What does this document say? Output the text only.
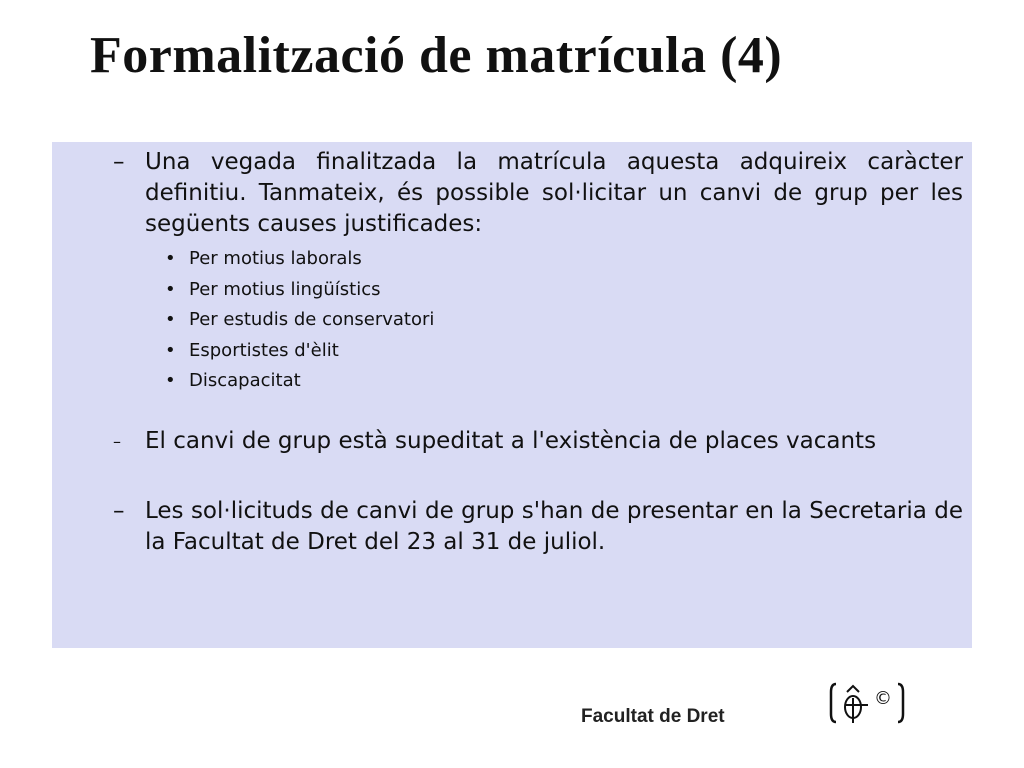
Formalització de matrícula (4)
– Una vegada finalitzada la matrícula aquesta adquireix caràcter definitiu. Tanmateix, és possible sol·licitar un canvi de grup per les següents causes justificades:
• Per motius laborals
• Per motius lingüístics
• Per estudis de conservatori
• Esportistes d'èlit
• Discapacitat
–	El canvi de grup està supeditat a l'existència de places vacants
– Les sol·licituds de canvi de grup s'han de presentar en la Secretaria de la Facultat de Dret del 23 al 31 de juliol.
Facultat de Dret
©
